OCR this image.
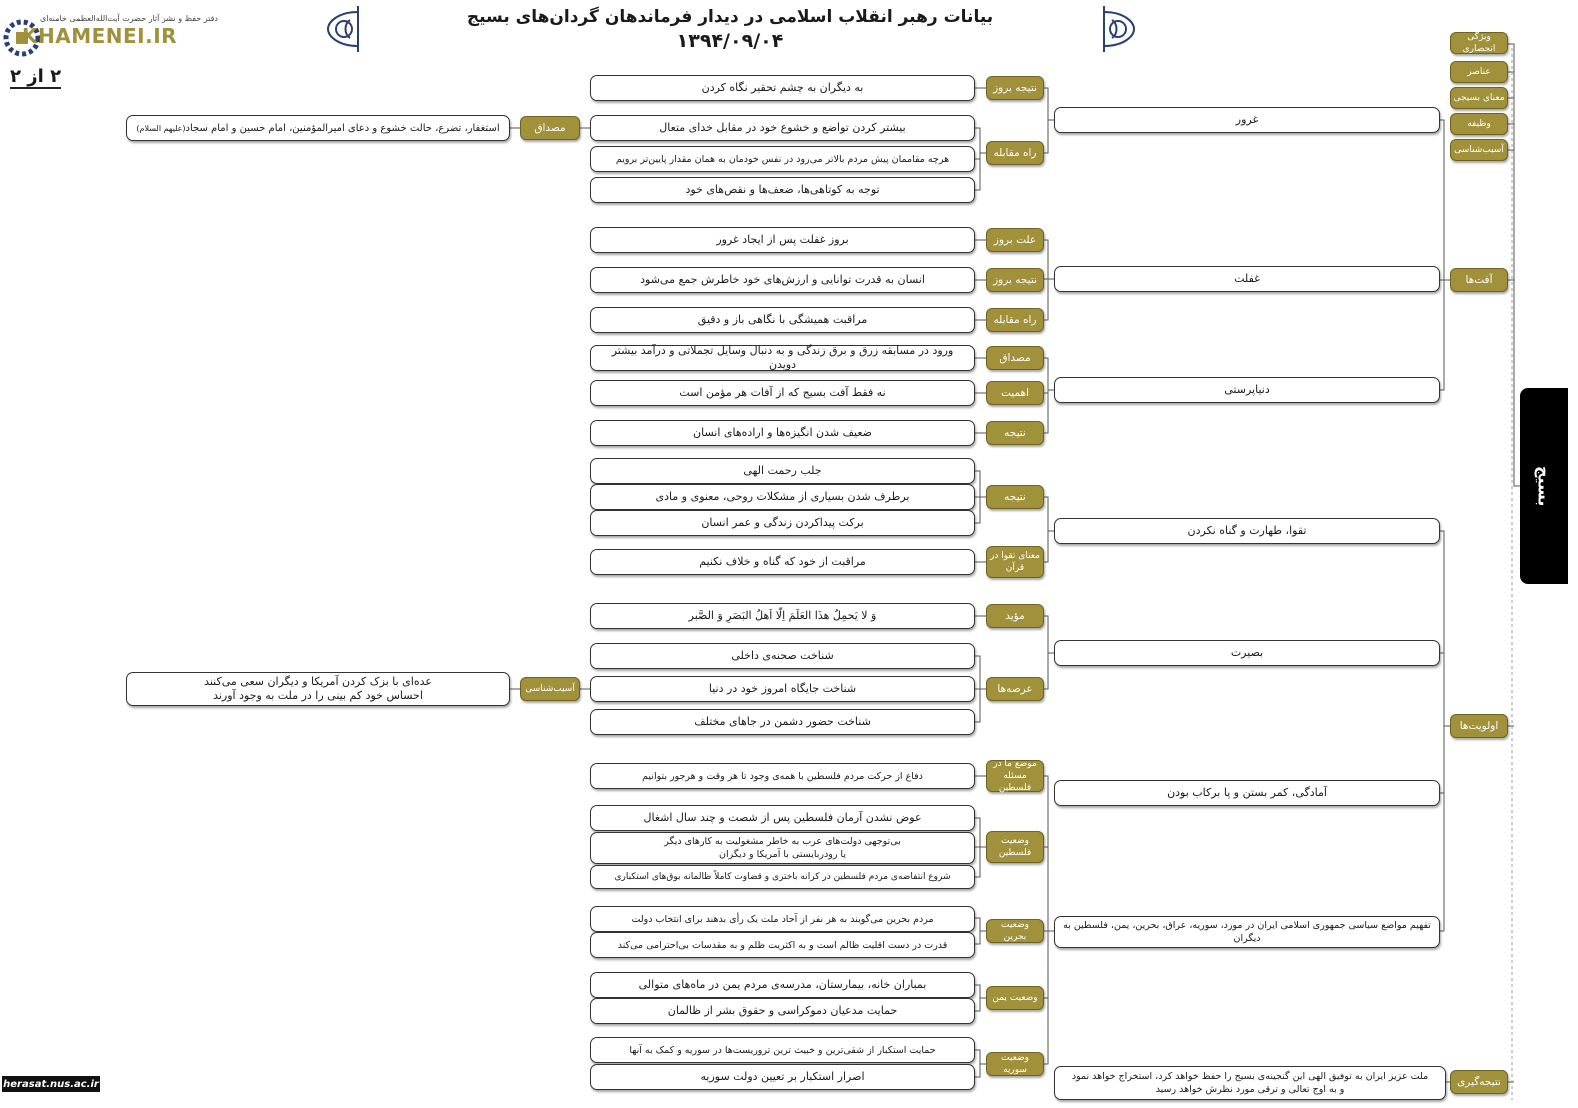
بیانات رهبر انقلاب اسلامی در دیدار فرماندهان گردان‌های بسیج
۱۳۹۴/۰۹/۰۴
دفتر حفظ و نشر آثار حضرت آیت‌الله‌العظمی خامنه‌ای
KHAMENEI.IR
۲ از ۲
بسیج
ویژگی انحصاری
عناصر
معنای بسیجی
وظیفه
آسیب‌شناسی
آفت‌ها
اولویت‌ها
نتیجه‌گیری
غرور
غفلت
دنیاپرستی
تقوا، طهارت و گناه نکردن
بصیرت
آمادگی، کمر بستن و پا برکاب بودن
تفهیم مواضع سیاسی جمهوری اسلامی ایران در مورد، سوریه، عراق، بحرین، یمن، فلسطین به دیگران
ملت عزیز ایران به توفیق الهی این گنجینه‌ی بسیج را حفظ خواهد کرد، استخراج خواهد نمود
و به اوج تعالی و ترقی مورد نظرش خواهد رسید
نتیجه بروز
راه مقابله
علت بروز
نتیجه بروز
راه مقابله
مصداق
اهمیت
نتیجه
نتیجه
معنای تقوا در قرآن
مؤید
عرصه‌ها
موضع ما در مسئله فلسطین
وضعیت فلسطین
وضعیت بحرین
وضعیت یمن
وضعیت سوریه
به دیگران به چشم تحقیر نگاه کردن
بیشتر کردن تواضع و خشوع خود در مقابل خدای متعال
هرچه مقاممان پیش مردم بالاتر می‌رود در نفس خودمان به همان مقدار پایین‌تر برویم
توجه به کوتاهی‌ها، ضعف‌ها و نقص‌های خود
بروز غفلت پس از ایجاد غرور
انسان به قدرت توانایی و ارزش‌های خود خاطرش جمع می‌شود
مراقبت همیشگی با نگاهی باز و دقیق
ورود در مسابقه زرق و برق زندگی و به دنبال وسایل تجملاتی و درآمد بیشتر دویدن
نه فقط آفت بسیج که از آفات هر مؤمن است
ضعیف شدن انگیزه‌ها و اراده‌های انسان
جلب رحمت الهی
برطرف شدن بسیاری از مشکلات روحی، معنوی و مادی
برکت پیداکردن زندگی و عمر انسان
مراقبت از خود که گناه و خلاف نکنیم
وَ لا یَحمِلُ هذَا العَلَمَ اِلّا اَهلُ البَصَرِ وَ الصَّبر
شناخت صحنه‌ی داخلی
شناخت جایگاه امروز خود در دنیا
شناخت حضور دشمن در جاهای مختلف
دفاع از حرکت مردم فلسطین با همه‌ی وجود تا هر وقت و هرجور بتوانیم
عوض نشدن آرمان فلسطین پس از شصت و چند سال اشغال
بی‌توجهی دولت‌های عرب به خاطر مشغولیت به کارهای دیگر
یا رودربایستی با آمریکا و دیگران
شروع انتفاضه‌ی مردم فلسطین در کرانه باختری و قضاوت کاملاً ظالمانه بوق‌های استکباری
مردم بحرین می‌گویند به هر نفر از آحاد ملت یک رأی بدهند برای انتخاب دولت
قدرت در دست اقلیت ظالم است و به اکثریت ظلم و به مقدسات بی‌احترامی می‌کند
بمباران خانه، بیمارستان، مدرسه‌ی مردم یمن در ماه‌های متوالی
حمایت مدعیان دموکراسی و حقوق بشر از ظالمان
حمایت استکبار از شقی‌ترین و خبیث ترین تروریست‌ها در سوریه و کمک به آنها
اصرار استکبار بر تعیین دولت سوریه
مصداق
آسیب‌شناسی
استغفار، تضرع، حالت خشوع و دعای امیرالمؤمنین، امام حسین و امام سجاد
(علیهم السلام)
عده‌ای با بزک کردن آمریکا و دیگران سعی می‌کنند
احساس خود کم بینی را در ملت به وجود آورند
herasat.nus.ac.ir
